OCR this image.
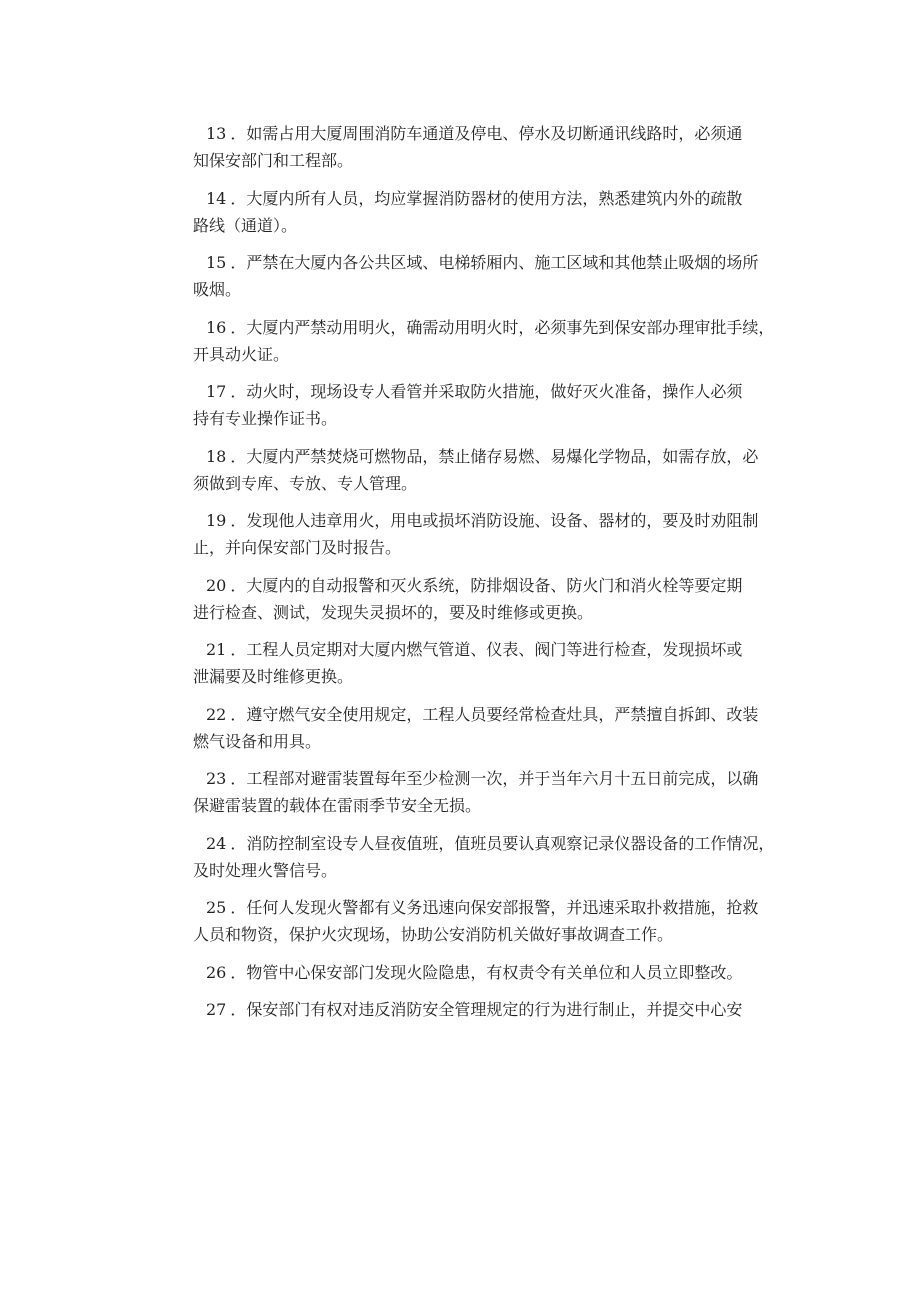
13 ．如需占用大厦周围消防车通道及停电、停水及切断通讯线路时，必须通
知保安部门和工程部。
14 ．大厦内所有人员，均应掌握消防器材的使用方法，熟悉建筑内外的疏散
路线（通道）。
15 ．严禁在大厦内各公共区域、电梯轿厢内、施工区域和其他禁止吸烟的场所
吸烟。
16 ．大厦内严禁动用明火，确需动用明火时，必须事先到保安部办理审批手续，
开具动火证。
17 ．动火时，现场设专人看管并采取防火措施，做好灭火准备，操作人必须
持有专业操作证书。
18 ．大厦内严禁焚烧可燃物品，禁止储存易燃、易爆化学物品，如需存放，必
须做到专库、专放、专人管理。
19 ．发现他人违章用火，用电或损坏消防设施、设备、器材的，要及时劝阻制
止，并向保安部门及时报告。
20 ．大厦内的自动报警和灭火系统，防排烟设备、防火门和消火栓等要定期
进行检查、测试，发现失灵损坏的，要及时维修或更换。
21 ．工程人员定期对大厦内燃气管道、仪表、阀门等进行检查，发现损坏或
泄漏要及时维修更换。
22 ．遵守燃气安全使用规定，工程人员要经常检查灶具，严禁擅自拆卸、改装
燃气设备和用具。
23 ．工程部对避雷装置每年至少检测一次，并于当年六月十五日前完成，以确
保避雷装置的载体在雷雨季节安全无损。
24 ．消防控制室设专人昼夜值班，值班员要认真观察记录仪器设备的工作情况，
及时处理火警信号。
25 ．任何人发现火警都有义务迅速向保安部报警，并迅速采取扑救措施，抢救
人员和物资，保护火灾现场，协助公安消防机关做好事故调查工作。
26 ．物管中心保安部门发现火险隐患，有权责令有关单位和人员立即整改。
27 ．保安部门有权对违反消防安全管理规定的行为进行制止，并提交中心安
